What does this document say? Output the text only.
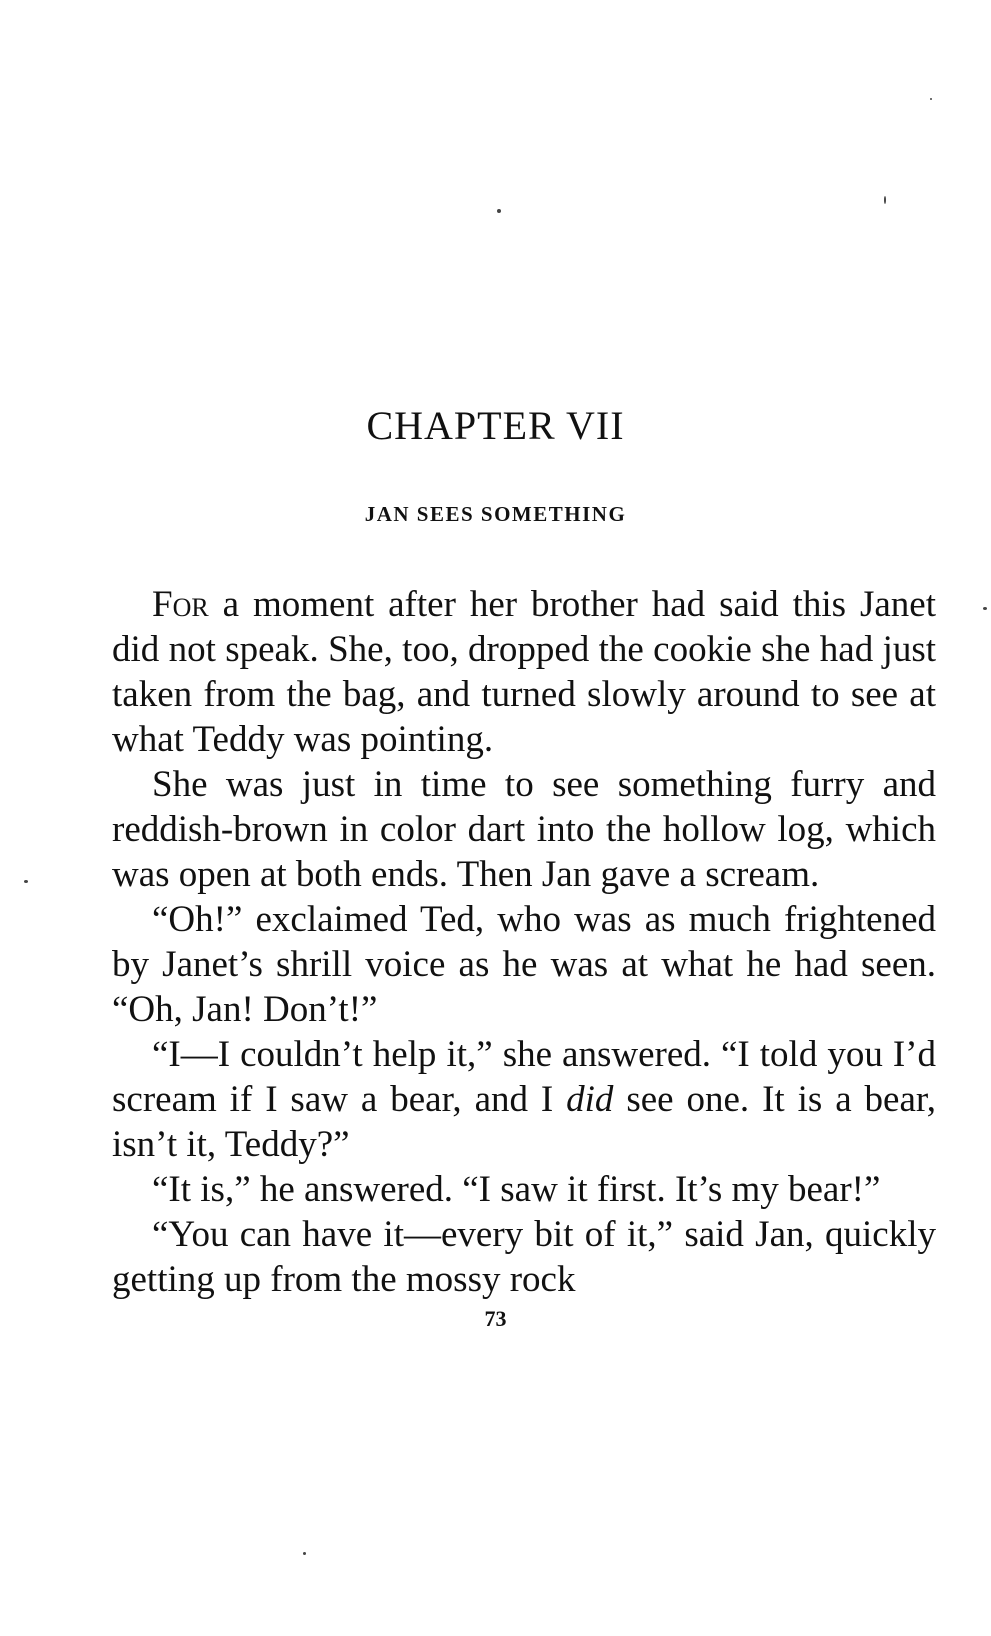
CHAPTER VII
JAN SEES SOMETHING

For a moment after her brother had said this Janet did not speak. She, too, dropped the cookie she had just taken from the bag, and turned slowly around to see at what Teddy was pointing.

She was just in time to see something furry and reddish-brown in color dart into the hollow log, which was open at both ends. Then Jan gave a scream.

“Oh!” exclaimed Ted, who was as much frightened by Janet’s shrill voice as he was at what he had seen. “Oh, Jan! Don’t!”

“I—I couldn’t help it,” she answered. “I told you I’d scream if I saw a bear, and I did see one. It is a bear, isn’t it, Teddy?”

“It is,” he answered. “I saw it first. It’s my bear!”

“You can have it—every bit of it,” said Jan, quickly getting up from the mossy rock

73
